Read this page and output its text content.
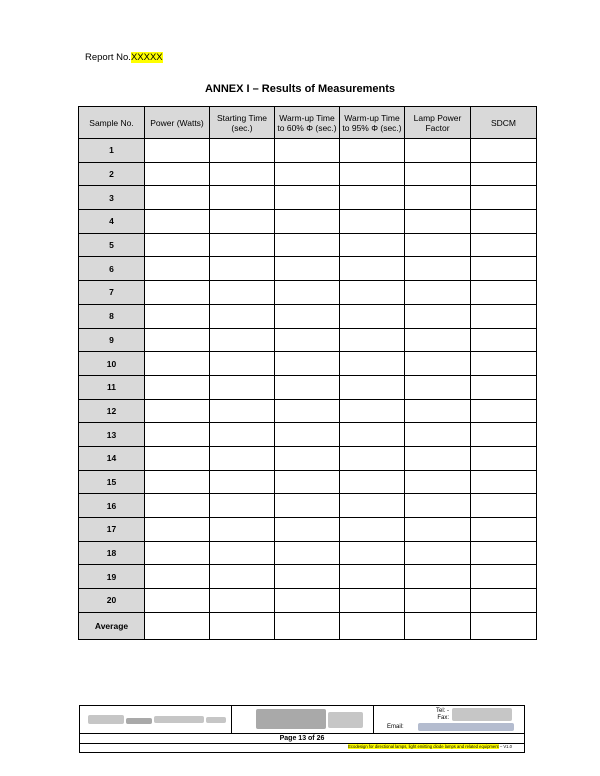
Report No.XXXXX
ANNEX I – Results of Measurements
Sample No.	Power (Watts)	Starting Time (sec.)	Warm-up Time to 60% Φ (sec.)	Warm-up Time to 95% Φ (sec.)	Lamp Power Factor	SDCM
1						
2						
3						
4						
5						
6						
7						
8						
9						
10						
11						
12						
13						
14						
15						
16						
17						
18						
19						
20						
Average						
Tel: -
Fax:
Email:
Page 13 of 26
Ecodesign for directional lamps, light emitting diode lamps and related equipment – V1.0
